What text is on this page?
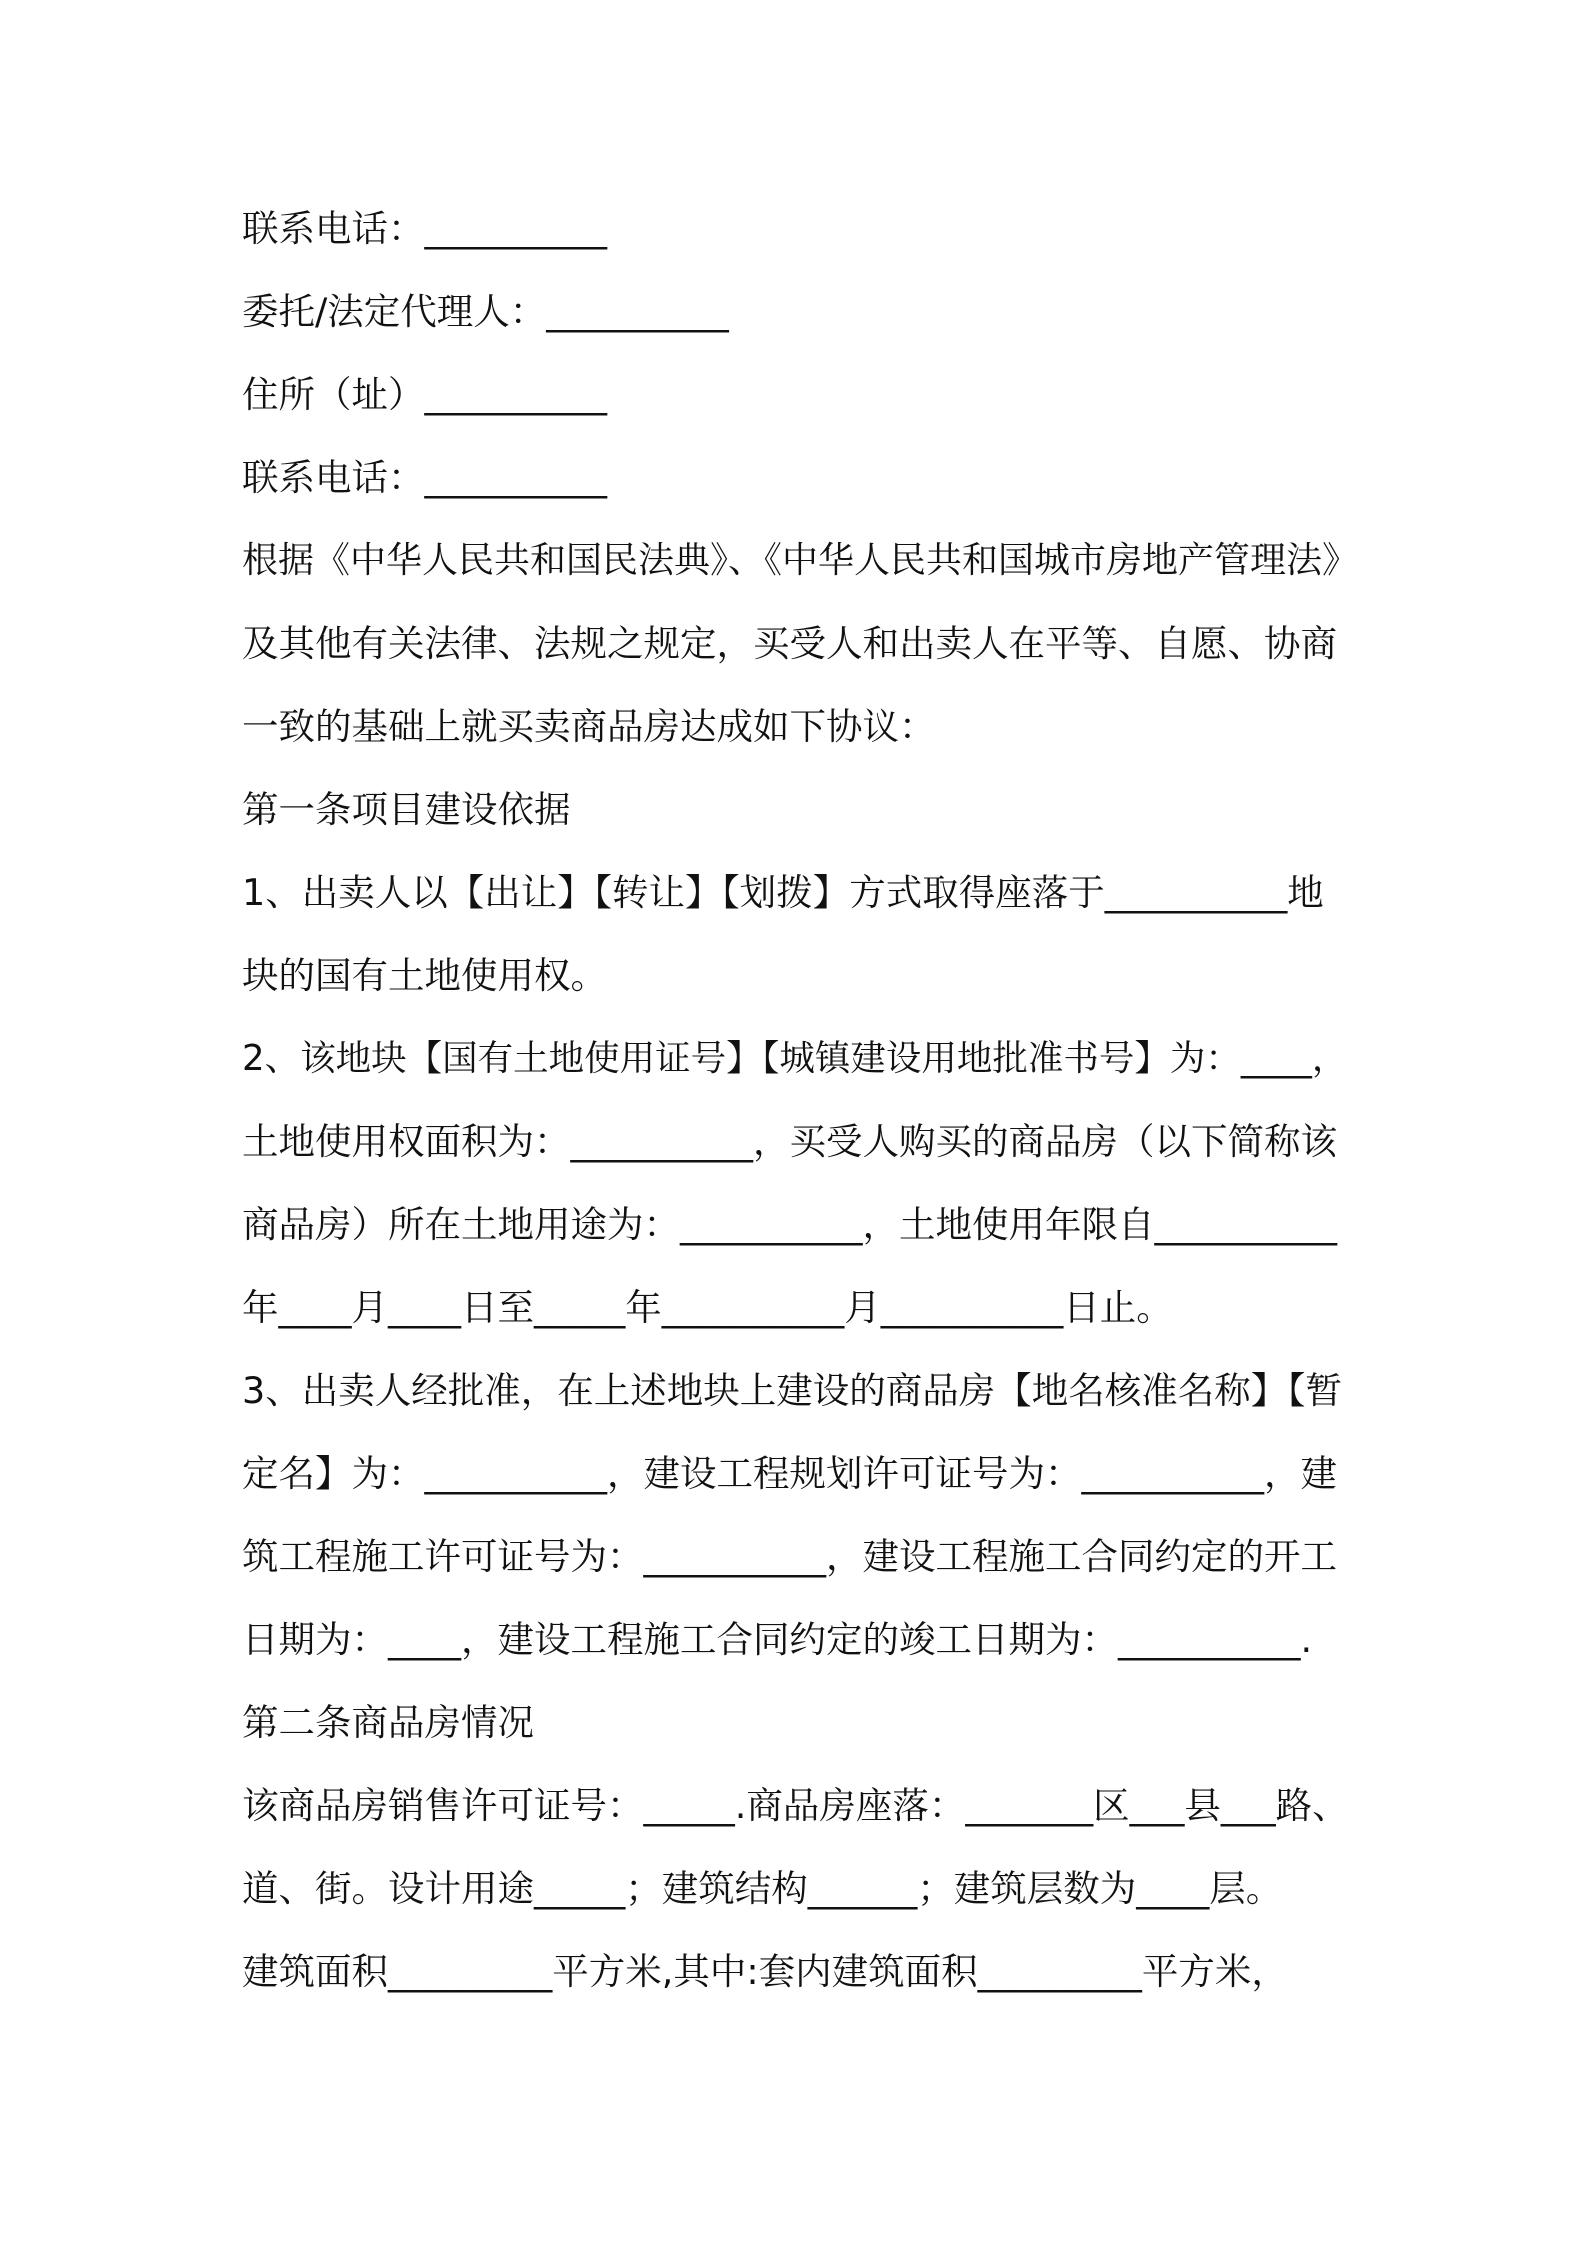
联系电话：__________
委托/法定代理人：__________
住所（址）__________
联系电话：__________
根据《中华人民共和国民法典》、《中华人民共和国城市房地产管理法》
及其他有关法律、法规之规定，买受人和出卖人在平等、自愿、协商
一致的基础上就买卖商品房达成如下协议：
第一条项目建设依据
1、出卖人以【出让】【转让】【划拨】方式取得座落于__________地
块的国有土地使用权。
2、该地块【国有土地使用证号】【城镇建设用地批准书号】为：____，
土地使用权面积为：__________，买受人购买的商品房（以下简称该
商品房）所在土地用途为：__________，土地使用年限自__________
年____月____日至_____年__________月__________日止。
3、出卖人经批准，在上述地块上建设的商品房【地名核准名称】【暂
定名】为：__________，建设工程规划许可证号为：__________，建
筑工程施工许可证号为：__________，建设工程施工合同约定的开工
日期为：____，建设工程施工合同约定的竣工日期为：__________.
第二条商品房情况
该商品房销售许可证号：_____.商品房座落：_______区___县___路、
道、街。设计用途_____；建筑结构______；建筑层数为____层。
建筑面积_________平方米,其中:套内建筑面积_________平方米，
